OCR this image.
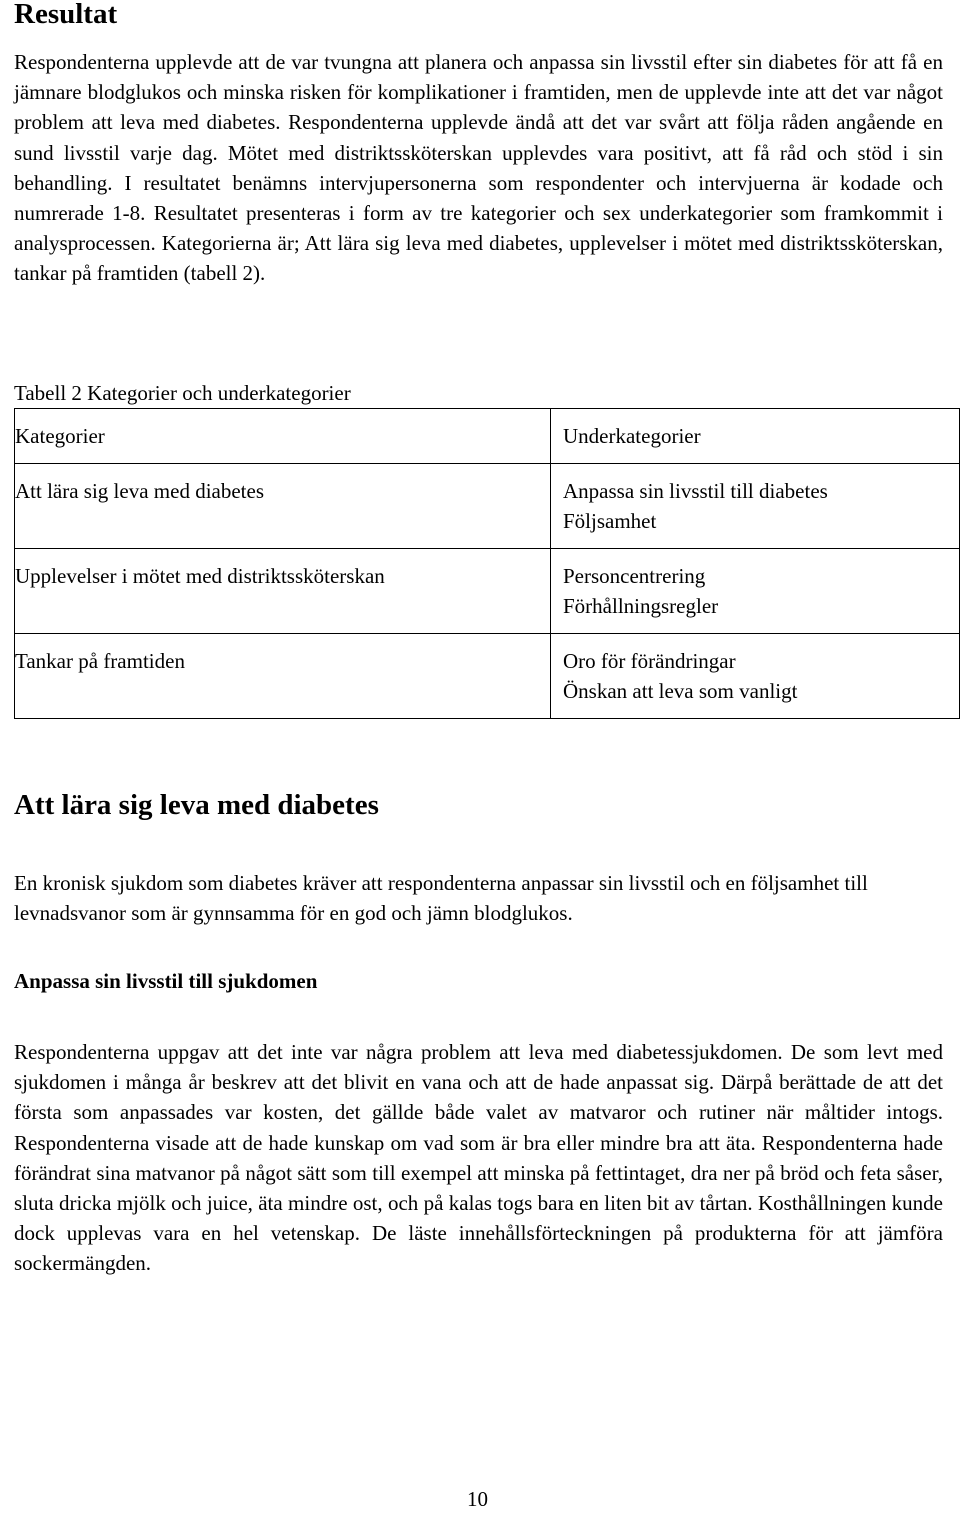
Resultat

Respondenterna upplevde att de var tvungna att planera och anpassa sin livsstil efter sin diabetes för att få en jämnare blodglukos och minska risken för komplikationer i framtiden, men de upplevde inte att det var något problem att leva med diabetes. Respondenterna upplevde ändå att det var svårt att följa råden angående en sund livsstil varje dag. Mötet med distriktssköterskan upplevdes vara positivt, att få råd och stöd i sin behandling. I resultatet benämns intervjupersonerna som respondenter och intervjuerna är kodade och numrerade 1-8. Resultatet presenteras i form av tre kategorier och sex underkategorier som framkommit i analysprocessen. Kategorierna är; Att lära sig leva med diabetes, upplevelser i mötet med distriktssköterskan, tankar på framtiden (tabell 2).

Tabell 2 Kategorier och underkategorier

Kategorier	Underkategorier
Att lära sig leva med diabetes	Anpassa sin livsstil till diabetes
Följsamhet

Upplevelser i mötet med distriktssköterskan	Personcentrering
Förhållningsregler

Tankar på framtiden	Oro för förändringar
Önskan att leva som vanligt
Att lära sig leva med diabetes

En kronisk sjukdom som diabetes kräver att respondenterna anpassar sin livsstil och en följsamhet till levnadsvanor som är gynnsamma för en god och jämn blodglukos.

Anpassa sin livsstil till sjukdomen

Respondenterna uppgav att det inte var några problem att leva med diabetessjukdomen. De som levt med sjukdomen i många år beskrev att det blivit en vana och att de hade anpassat sig. Därpå berättade de att det första som anpassades var kosten, det gällde både valet av matvaror och rutiner när måltider intogs. Respondenterna visade att de hade kunskap om vad som är bra eller mindre bra att äta. Respondenterna hade förändrat sina matvanor på något sätt som till exempel att minska på fettintaget, dra ner på bröd och feta såser, sluta dricka mjölk och juice, äta mindre ost, och på kalas togs bara en liten bit av tårtan. Kosthållningen kunde dock upplevas vara en hel vetenskap. De läste innehållsförteckningen på produkterna för att jämföra sockermängden.

10
